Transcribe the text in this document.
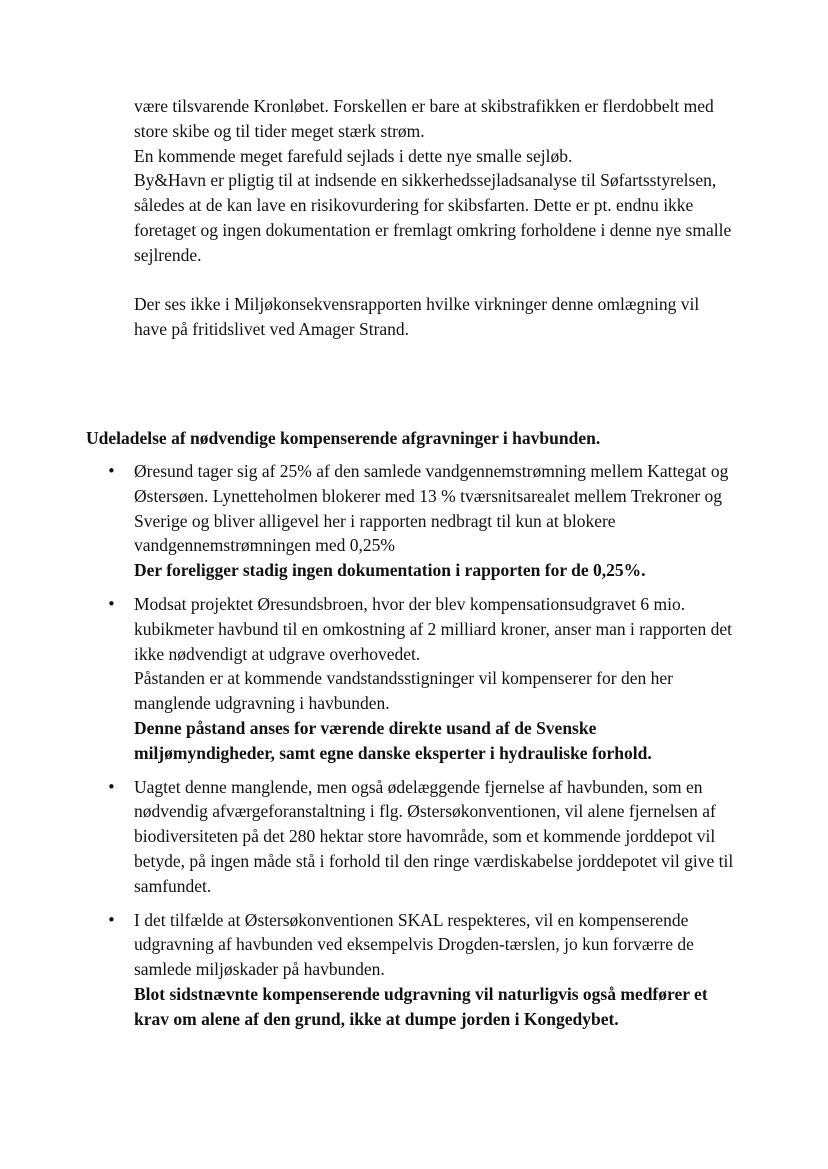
være tilsvarende Kronløbet. Forskellen er bare at skibstrafikken er flerdobbelt med store skibe og til tider meget stærk strøm.

En kommende meget farefuld sejlads i dette nye smalle sejløb.

By&Havn er pligtig til at indsende en sikkerhedssejladsanalyse til Søfartsstyrelsen, således at de kan lave en risikovurdering for skibsfarten. Dette er pt. endnu ikke foretaget og ingen dokumentation er fremlagt omkring forholdene i denne nye smalle sejlrende.

Der ses ikke i Miljøkonsekvensrapporten hvilke virkninger denne omlægning vil have på fritidslivet ved Amager Strand.

Udeladelse af nødvendige kompenserende afgravninger i havbunden.
• Øresund tager sig af 25% af den samlede vandgennemstrømning mellem Kattegat og Østersøen. Lynetteholmen blokerer med 13 % tværsnitsarealet mellem Trekroner og Sverige og bliver alligevel her i rapporten nedbragt til kun at blokere vandgennemstrømningen med 0,25%

Der foreligger stadig ingen dokumentation i rapporten for de 0,25%.

• Modsat projektet Øresundsbroen, hvor der blev kompensationsudgravet 6 mio. kubikmeter havbund til en omkostning af 2 milliard kroner, anser man i rapporten det ikke nødvendigt at udgrave overhovedet.

Påstanden er at kommende vandstandsstigninger vil kompenserer for den her manglende udgravning i havbunden.

Denne påstand anses for værende direkte usand af de Svenske miljømyndigheder, samt egne danske eksperter i hydrauliske forhold.

• Uagtet denne manglende, men også ødelæggende fjernelse af havbunden, som en nødvendig afværgeforanstaltning i flg. Østersøkonventionen, vil alene fjernelsen af biodiversiteten på det 280 hektar store havområde, som et kommende jorddepot vil betyde, på ingen måde stå i forhold til den ringe værdiskabelse jorddepotet vil give til samfundet.

• I det tilfælde at Østersøkonventionen SKAL respekteres, vil en kompenserende udgravning af havbunden ved eksempelvis Drogden-tærslen, jo kun forværre de samlede miljøskader på havbunden.

Blot sidstnævnte kompenserende udgravning vil naturligvis også medfører et krav om alene af den grund, ikke at dumpe jorden i Kongedybet.
